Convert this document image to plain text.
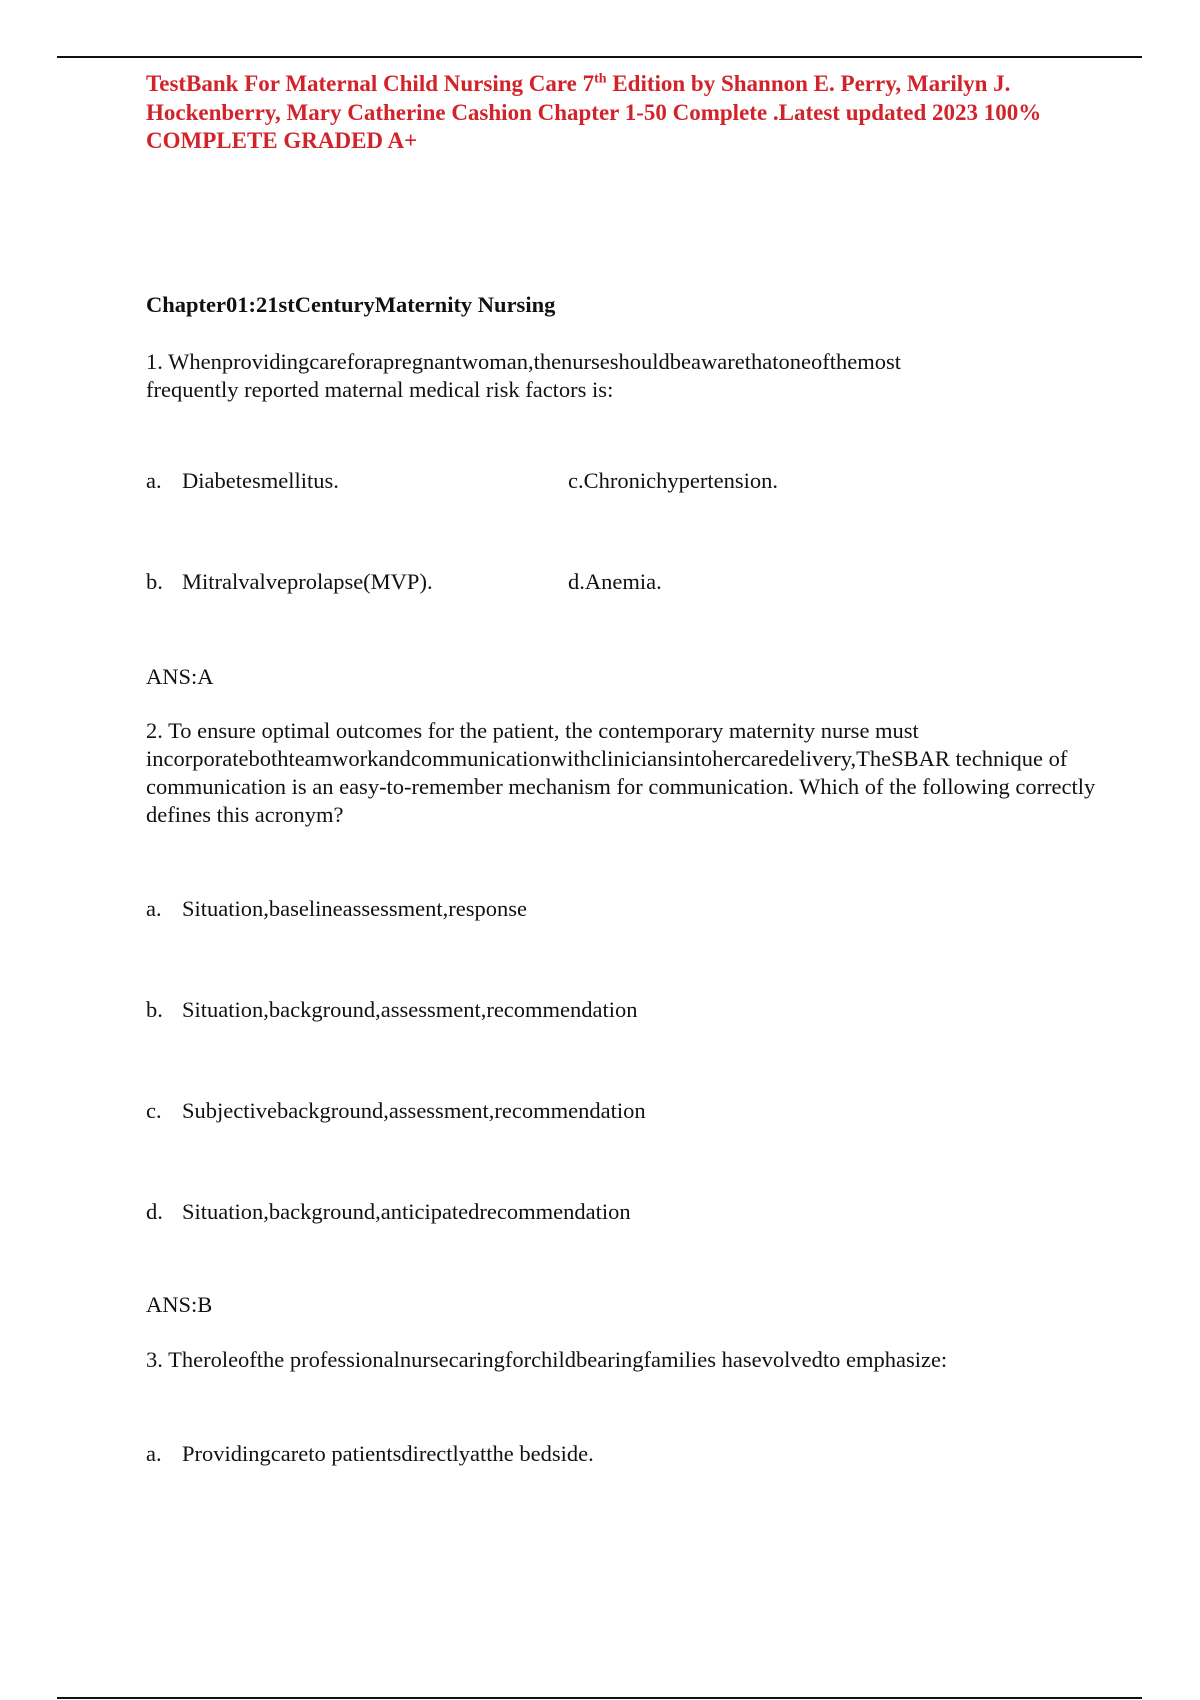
TestBank For Maternal Child Nursing Care 7th Edition by Shannon E. Perry, Marilyn J. Hockenberry, Mary Catherine Cashion Chapter 1-50 Complete .Latest updated 2023 100% COMPLETE GRADED A+
Chapter01:21stCenturyMaternity Nursing
1. Whenprovidingcareforapregnantwoman,thenurseshouldbeawarethatoneofthemost
frequently reported maternal medical risk factors is:
a. Diabetesmellitus.	c.Chronichypertension.
b. Mitralvalveprolapse(MVP).	d.Anemia.
ANS:A
2. To ensure optimal outcomes for the patient, the contemporary maternity nurse must incorporatebothteamworkandcommunicationwithcliniciansintohercaredelivery,TheSBAR technique of communication is an easy-to-remember mechanism for communication. Which of the following correctly defines this acronym?
a. Situation,baselineassessment,response
b. Situation,background,assessment,recommendation
c. Subjectivebackground,assessment,recommendation
d. Situation,background,anticipatedrecommendation
ANS:B
3. Theroleofthe professionalnursecaringforchildbearingfamilies hasevolvedto emphasize:
a. Providingcareto patientsdirectlyatthe bedside.
